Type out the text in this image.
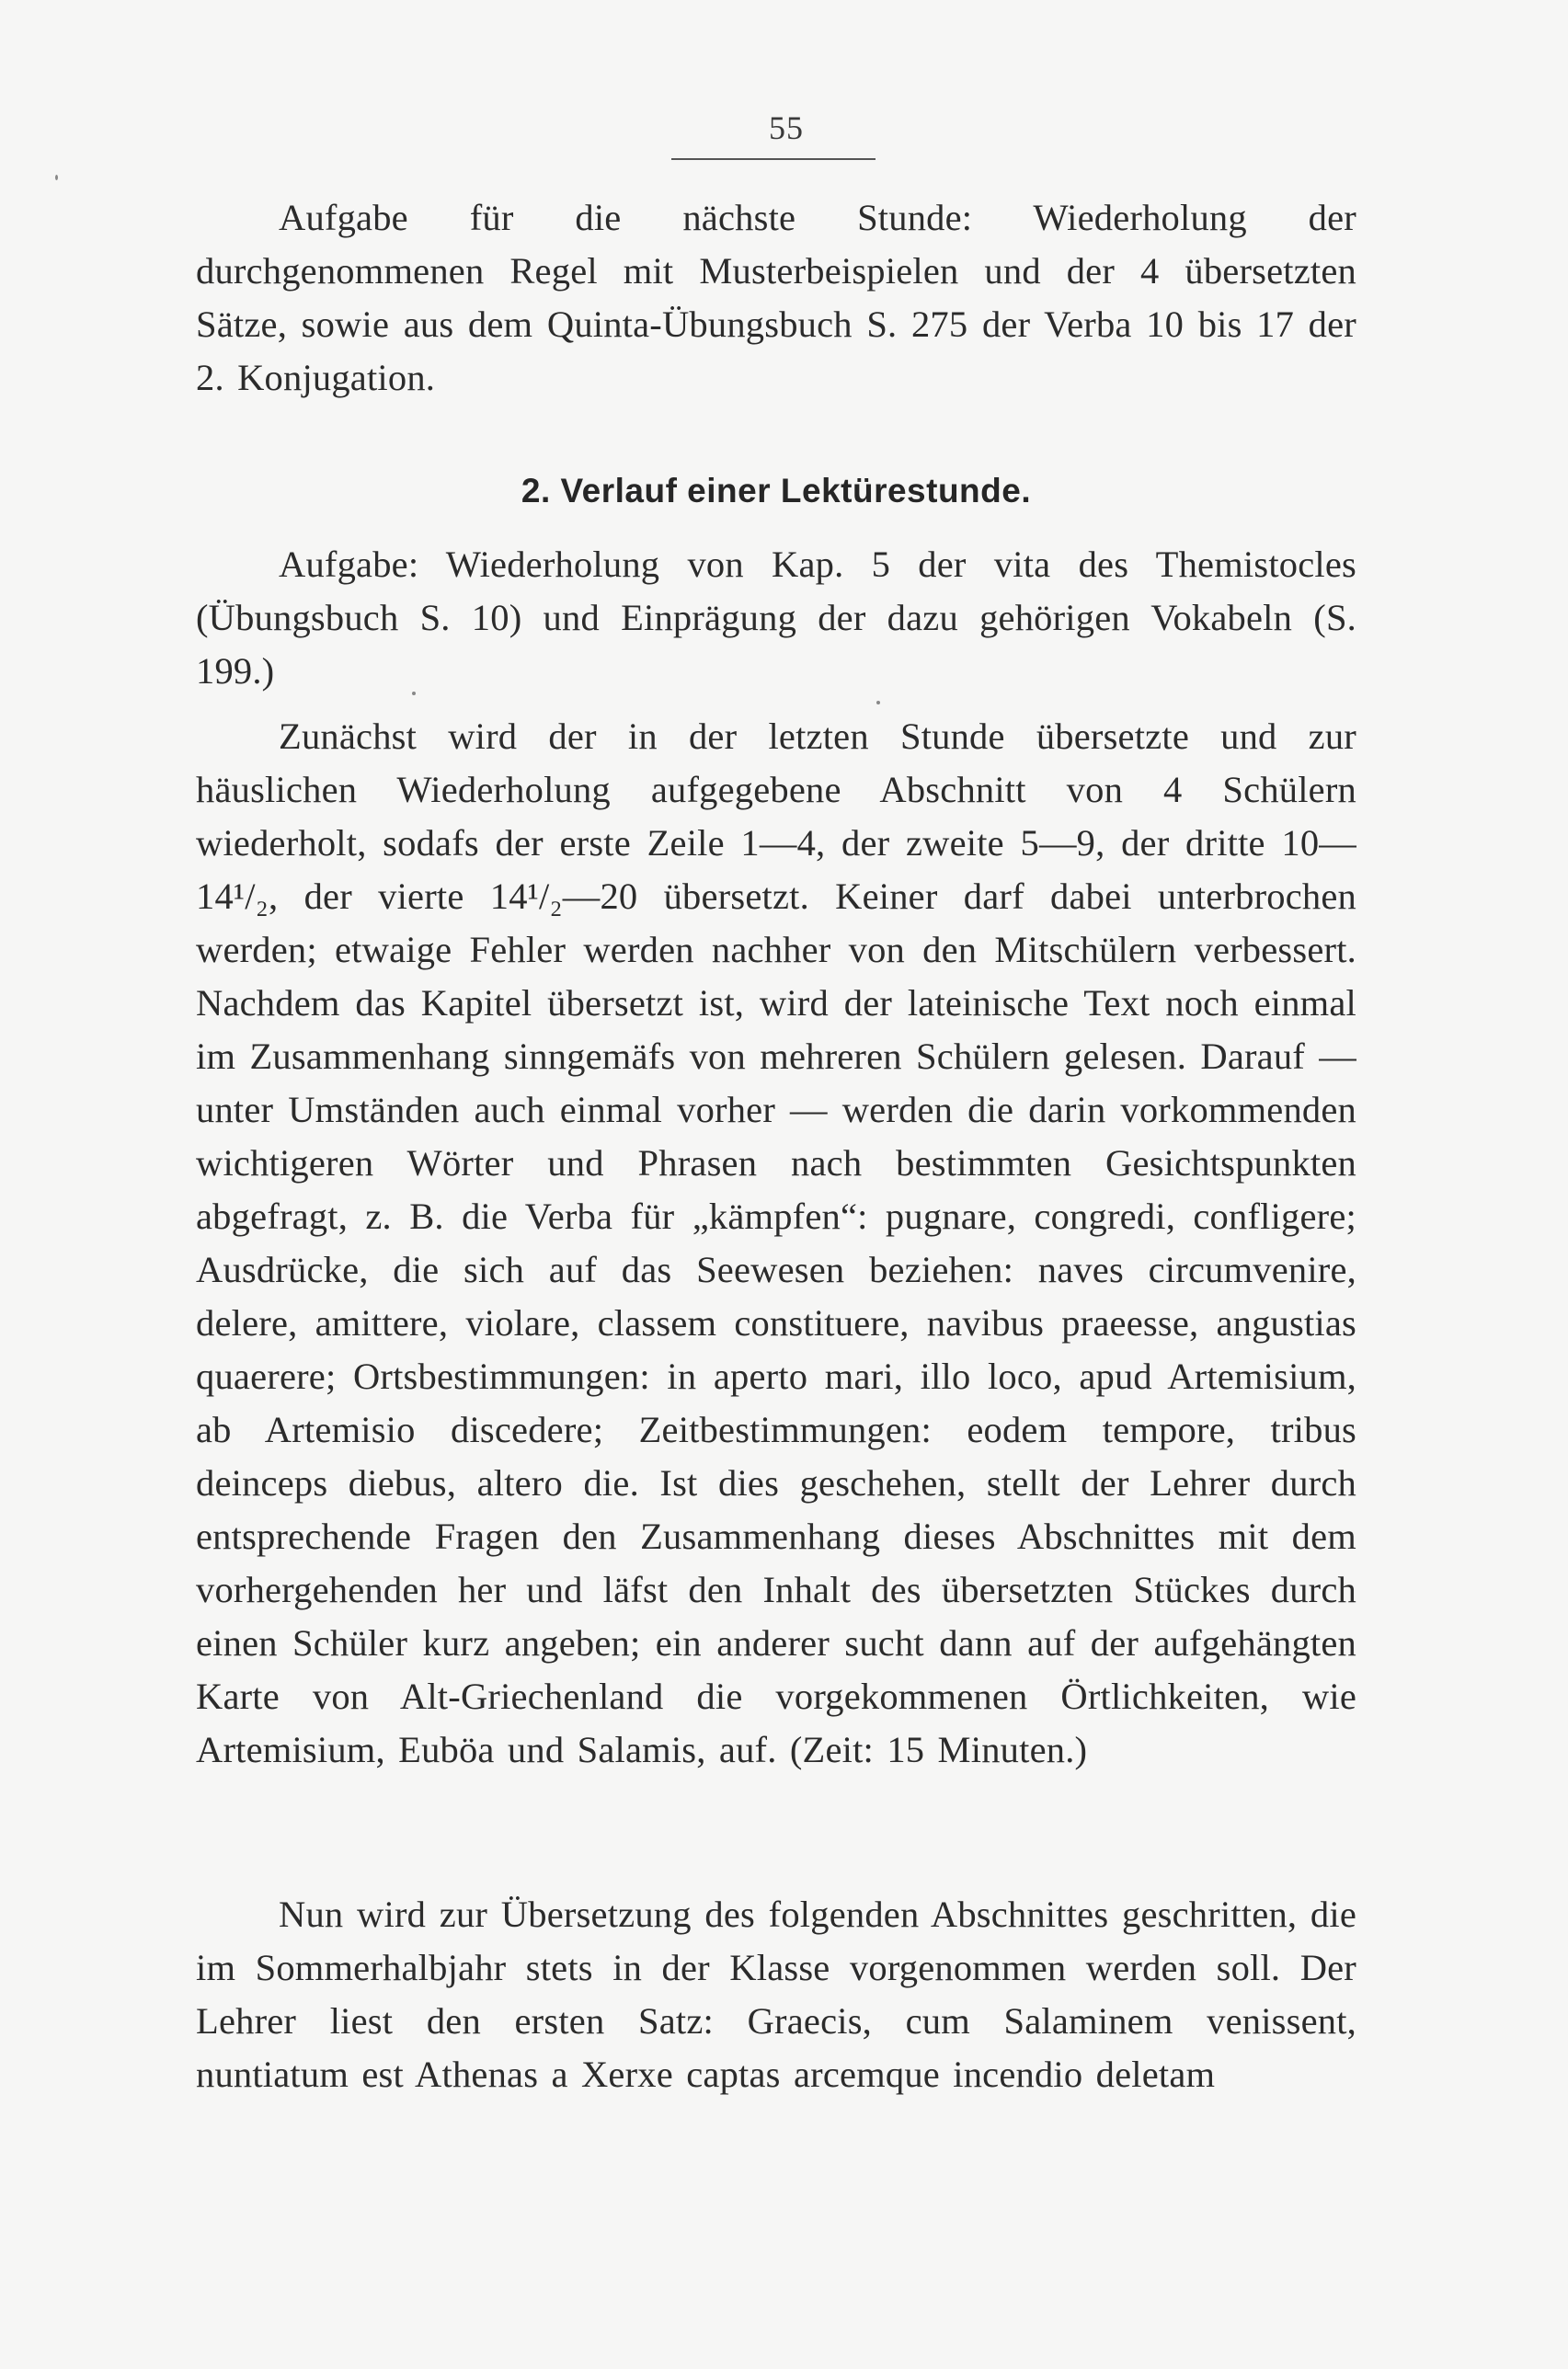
55

Aufgabe für die nächste Stunde: Wiederholung der durchgenommenen Regel mit Musterbeispielen und der 4 übersetzten Sätze, sowie aus dem Quinta-Übungsbuch S. 275 der Verba 10 bis 17 der 2. Konjugation.

2. Verlauf einer Lektürestunde.

Aufgabe: Wiederholung von Kap. 5 der vita des Themistocles (Übungsbuch S. 10) und Einprägung der dazu gehörigen Vokabeln (S. 199.)

Zunächst wird der in der letzten Stunde übersetzte und zur häuslichen Wiederholung aufgegebene Abschnitt von 4 Schülern wiederholt, sodafs der erste Zeile 1—4, der zweite 5—9, der dritte 10—14¹/₂, der vierte 14¹/₂—20 übersetzt. Keiner darf dabei unterbrochen werden; etwaige Fehler werden nachher von den Mitschülern verbessert. Nachdem das Kapitel übersetzt ist, wird der lateinische Text noch einmal im Zusammenhang sinngemäfs von mehreren Schülern gelesen. Darauf — unter Umständen auch einmal vorher — werden die darin vorkommenden wichtigeren Wörter und Phrasen nach bestimmten Gesichtspunkten abgefragt, z. B. die Verba für „kämpfen“: pugnare, congredi, confligere; Ausdrücke, die sich auf das Seewesen beziehen: naves circumvenire, delere, amittere, violare, classem constituere, navibus praeesse, angustias quaerere; Ortsbestimmungen: in aperto mari, illo loco, apud Artemisium, ab Artemisio discedere; Zeitbestimmungen: eodem tempore, tribus deinceps diebus, altero die. Ist dies geschehen, stellt der Lehrer durch entsprechende Fragen den Zusammenhang dieses Abschnittes mit dem vorhergehenden her und läfst den Inhalt des übersetzten Stückes durch einen Schüler kurz angeben; ein anderer sucht dann auf der aufgehängten Karte von Alt-Griechenland die vorgekommenen Örtlichkeiten, wie Artemisium, Euböa und Salamis, auf. (Zeit: 15 Minuten.)

Nun wird zur Übersetzung des folgenden Abschnittes geschritten, die im Sommerhalbjahr stets in der Klasse vorgenommen werden soll. Der Lehrer liest den ersten Satz: Graecis, cum Salaminem venissent, nuntiatum est Athenas a Xerxe captas arcemque incendio deletam
